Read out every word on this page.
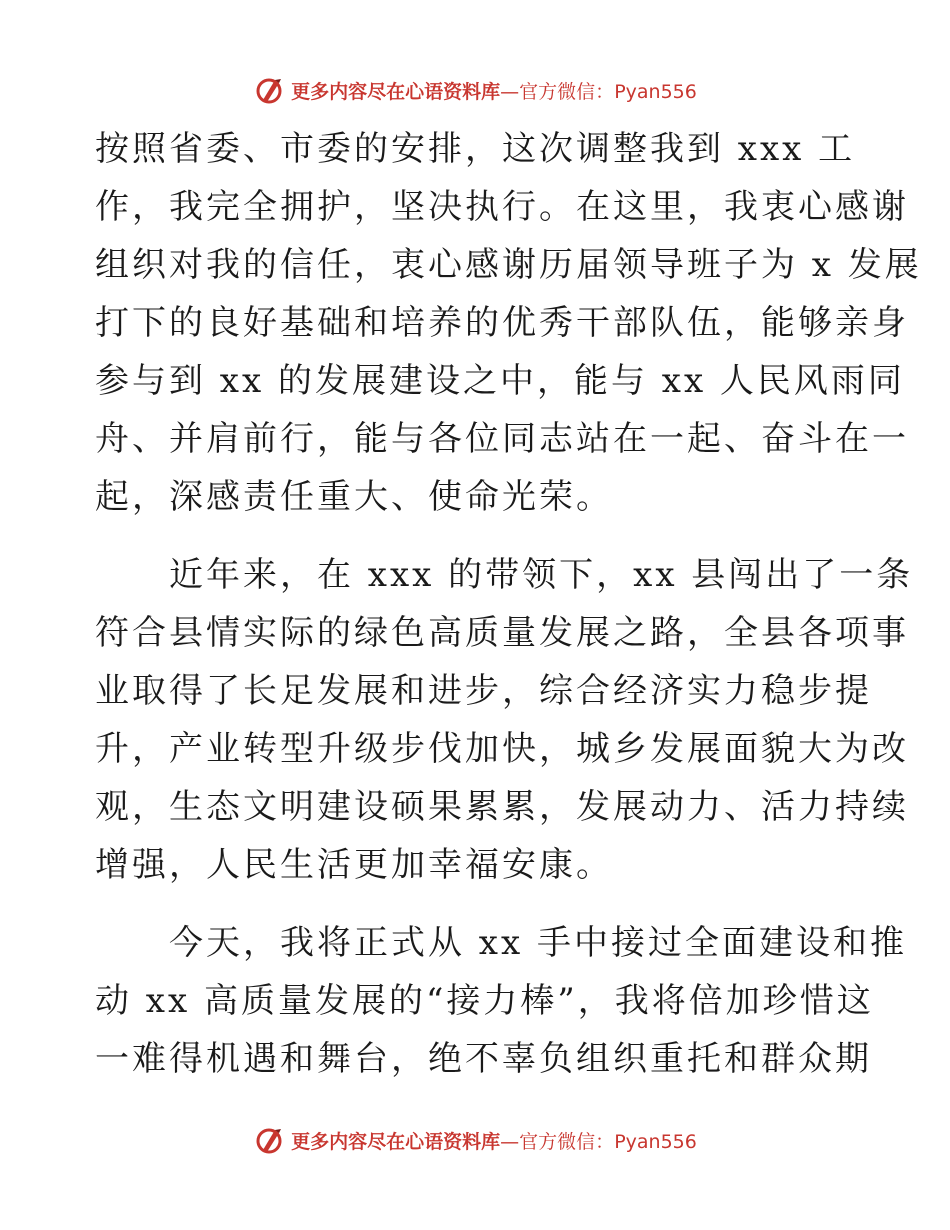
更多内容尽在心语资料库—官方微信：Pyan556
按照省委、市委的安排，这次调整我到 xxx 工
作，我完全拥护，坚决执行。在这里，我衷心感谢
组织对我的信任，衷心感谢历届领导班子为 x 发展
打下的良好基础和培养的优秀干部队伍，能够亲身
参与到 xx 的发展建设之中，能与 xx 人民风雨同
舟、并肩前行，能与各位同志站在一起、奋斗在一
起，深感责任重大、使命光荣。
　　近年来，在 xxx 的带领下，xx 县闯出了一条
符合县情实际的绿色高质量发展之路，全县各项事
业取得了长足发展和进步，综合经济实力稳步提
升，产业转型升级步伐加快，城乡发展面貌大为改
观，生态文明建设硕果累累，发展动力、活力持续
增强，人民生活更加幸福安康。
　　今天，我将正式从 xx 手中接过全面建设和推
动 xx 高质量发展的“接力棒”，我将倍加珍惜这
一难得机遇和舞台，绝不辜负组织重托和群众期
更多内容尽在心语资料库—官方微信：Pyan556
